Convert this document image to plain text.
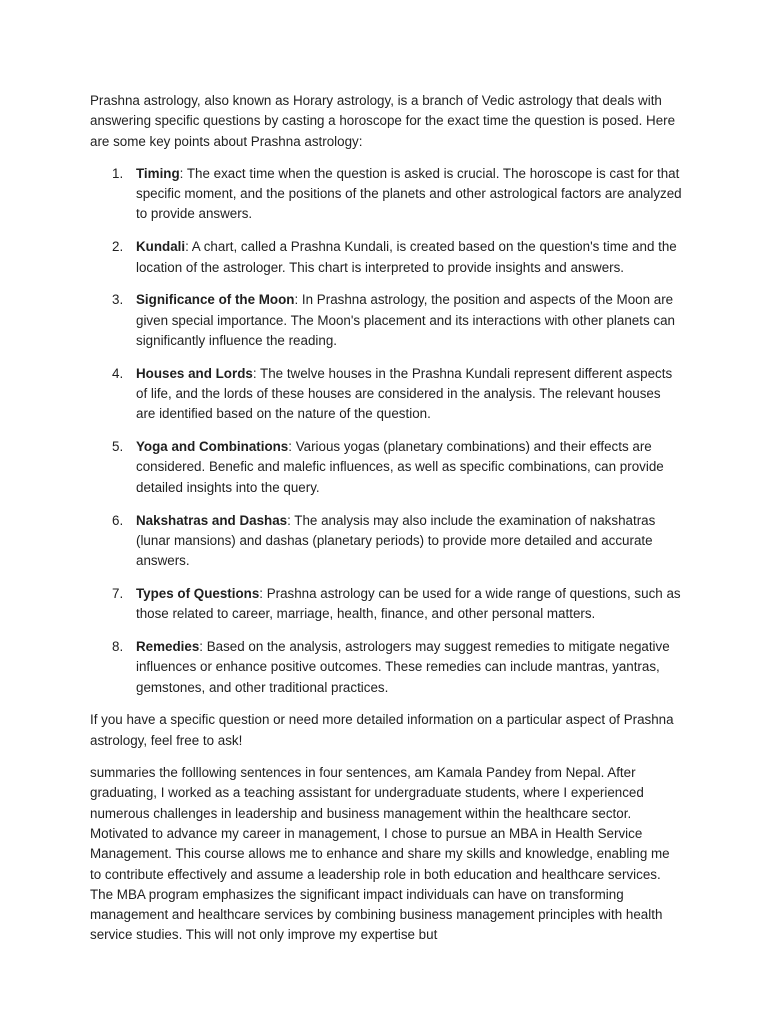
Prashna astrology, also known as Horary astrology, is a branch of Vedic astrology that deals with answering specific questions by casting a horoscope for the exact time the question is posed. Here are some key points about Prashna astrology:

1. Timing: The exact time when the question is asked is crucial. The horoscope is cast for that specific moment, and the positions of the planets and other astrological factors are analyzed to provide answers.
2. Kundali: A chart, called a Prashna Kundali, is created based on the question's time and the location of the astrologer. This chart is interpreted to provide insights and answers.
3. Significance of the Moon: In Prashna astrology, the position and aspects of the Moon are given special importance. The Moon's placement and its interactions with other planets can significantly influence the reading.
4. Houses and Lords: The twelve houses in the Prashna Kundali represent different aspects of life, and the lords of these houses are considered in the analysis. The relevant houses are identified based on the nature of the question.
5. Yoga and Combinations: Various yogas (planetary combinations) and their effects are considered. Benefic and malefic influences, as well as specific combinations, can provide detailed insights into the query.
6. Nakshatras and Dashas: The analysis may also include the examination of nakshatras (lunar mansions) and dashas (planetary periods) to provide more detailed and accurate answers.
7. Types of Questions: Prashna astrology can be used for a wide range of questions, such as those related to career, marriage, health, finance, and other personal matters.
8. Remedies: Based on the analysis, astrologers may suggest remedies to mitigate negative influences or enhance positive outcomes. These remedies can include mantras, yantras, gemstones, and other traditional practices.

If you have a specific question or need more detailed information on a particular aspect of Prashna astrology, feel free to ask!

summaries the folllowing sentences in four sentences, am Kamala Pandey from Nepal. After graduating, I worked as a teaching assistant for undergraduate students, where I experienced numerous challenges in leadership and business management within the healthcare sector. Motivated to advance my career in management, I chose to pursue an MBA in Health Service Management. This course allows me to enhance and share my skills and knowledge, enabling me to contribute effectively and assume a leadership role in both education and healthcare services. The MBA program emphasizes the significant impact individuals can have on transforming management and healthcare services by combining business management principles with health service studies. This will not only improve my expertise but
